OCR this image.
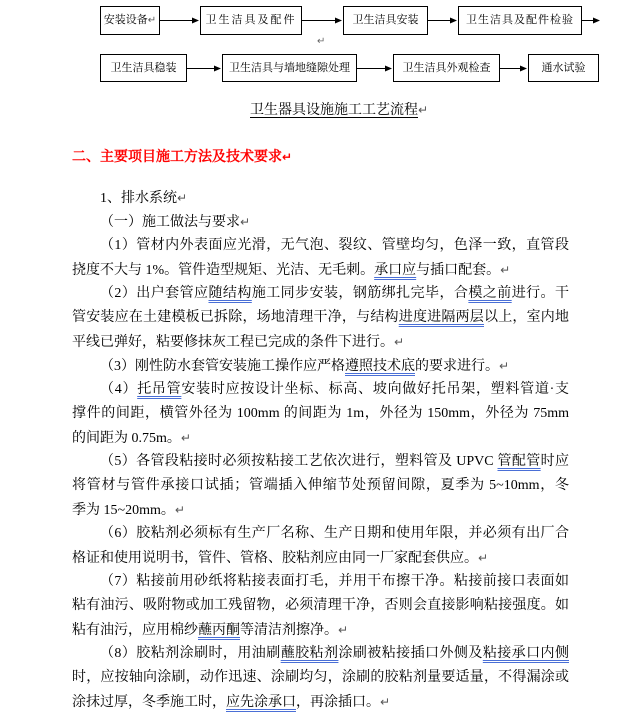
安装设备↵	卫生洁具及配件	卫生洁具安装	卫生洁具及配件检验
↵
卫生洁具稳装	卫生洁具与墙地缝隙处理	卫生洁具外观检查	通水试验
卫生器具设施施工工艺流程↵
二、主要项目施工方法及技术要求↵
1、排水系统↵
（一）施工做法与要求↵
（1）管材内外表面应光滑，无气泡、裂纹、管壁均匀，色泽一致，直管段
挠度不大与 1%。管件造型规矩、光洁、无毛刺。承口应与插口配套。↵
（2）出户套管应随结构施工同步安装，钢筋绑扎完毕，合模之前进行。干
管安装应在土建模板已拆除，场地清理干净，与结构进度进隔两层以上，室内地
平线已弹好，粘要修抹灰工程已完成的条件下进行。↵
（3）刚性防水套管安装施工操作应严格遵照技术底的要求进行。↵
（4）托吊管安装时应按设计坐标、标高、坡向做好托吊架，塑料管道·支
撑件的间距，横管外径为 100mm 的间距为 1m，外径为 150mm，外径为 75mm
的间距为 0.75m。↵
（5）各管段粘接时必须按粘接工艺依次进行，塑料管及 UPVC 管配管时应
将管材与管件承接口试插；管端插入伸缩节处预留间隙，夏季为 5~10mm，冬
季为 15~20mm。↵
（6）胶粘剂必须标有生产厂名称、生产日期和使用年限，并必须有出厂合
格证和使用说明书，管件、管格、胶粘剂应由同一厂家配套供应。↵
（7）粘接前用砂纸将粘接表面打毛，并用干布擦干净。粘接前接口表面如
粘有油污、吸附物或加工残留物，必须清理干净，否则会直接影响粘接强度。如
粘有油污，应用棉纱蘸丙酮等清洁剂擦净。↵
（8）胶粘剂涂刷时，用油刷蘸胶粘剂涂刷被粘接插口外侧及粘接承口内侧
时，应按轴向涂刷，动作迅速、涂刷均匀，涂刷的胶粘剂量要适量，不得漏涂或
涂抹过厚，冬季施工时，应先涂承口，再涂插口。↵
